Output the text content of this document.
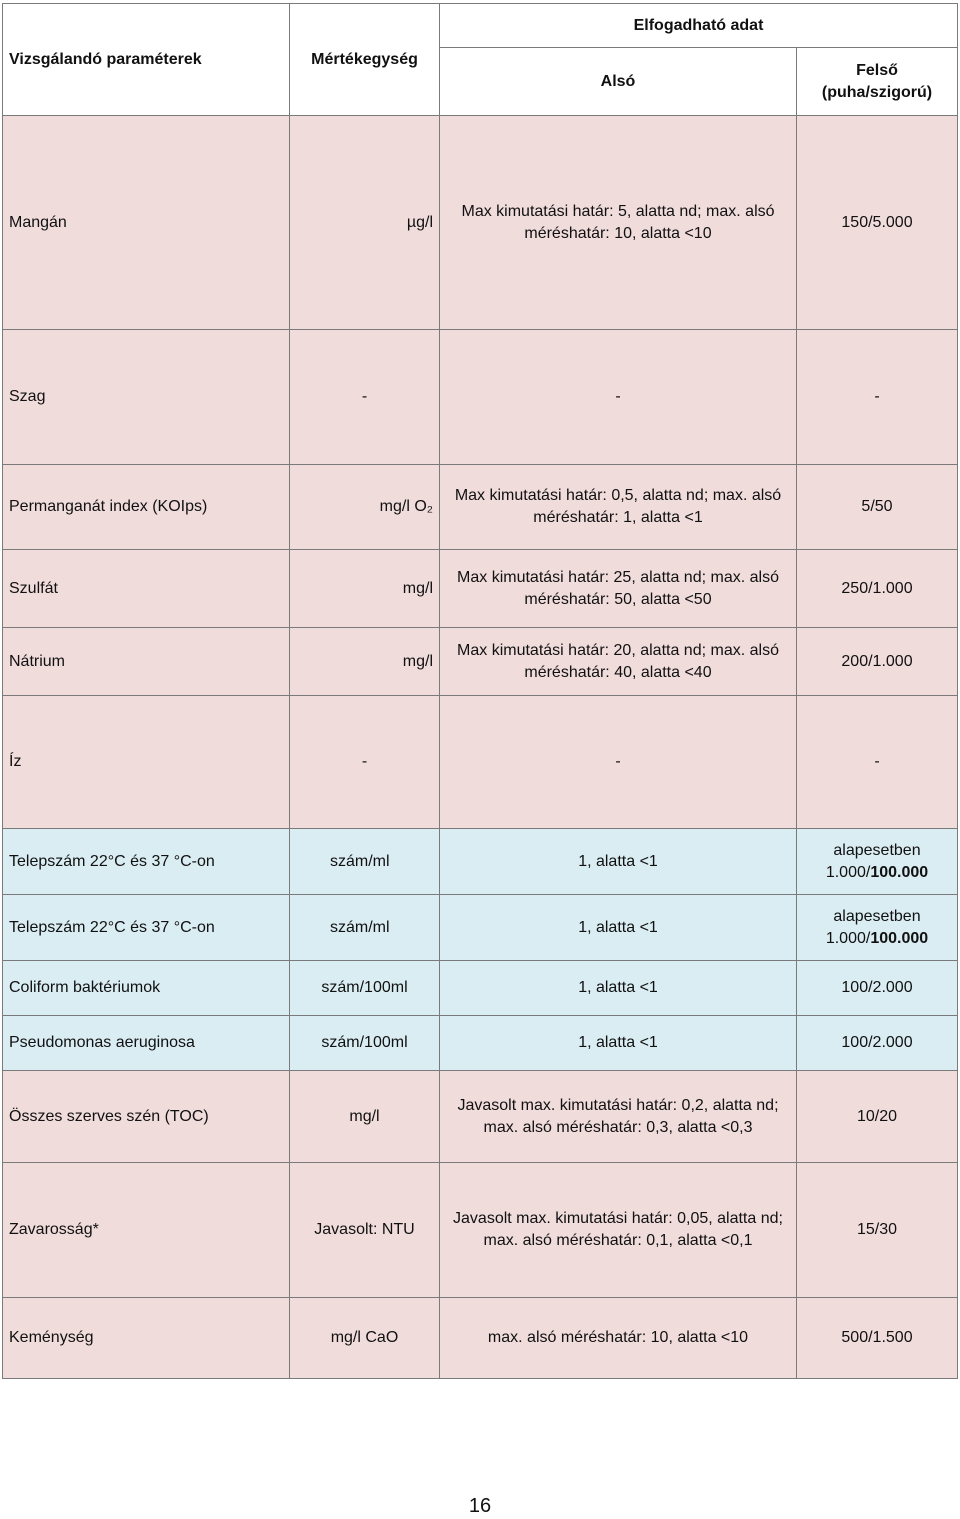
Vizsgálandó paraméterek	Mértékegység	Elfogadható adat	
		Alsó	Felső (puha/szigorú)
Mangán	µg/l	Max kimutatási határ: 5, alatta nd; max. alsó méréshatár: 10, alatta <10	150/5.000
Szag	-	-	-
Permanganát index (KOIps)	mg/l O₂	Max kimutatási határ: 0,5, alatta nd; max. alsó méréshatár: 1, alatta <1	5/50
Szulfát	mg/l	Max kimutatási határ: 25, alatta nd; max. alsó méréshatár: 50, alatta <50	250/1.000
Nátrium	mg/l	Max kimutatási határ: 20, alatta nd; max. alsó méréshatár: 40, alatta <40	200/1.000
Íz	-	-	-
Telepszám 22°C és 37 °C-on	szám/ml	1, alatta <1	alapesetben
1.000/100.000
Telepszám 22°C és 37 °C-on	szám/ml	1, alatta <1	alapesetben
1.000/100.000
Coliform baktériumok	szám/100ml	1, alatta <1	100/2.000
Pseudomonas aeruginosa	szám/100ml	1, alatta <1	100/2.000
Összes szerves szén (TOC)	mg/l	Javasolt max. kimutatási határ: 0,2, alatta nd; max. alsó méréshatár: 0,3, alatta <0,3	10/20
Zavarosság*	Javasolt: NTU	Javasolt max. kimutatási határ: 0,05, alatta nd; max. alsó méréshatár: 0,1, alatta <0,1	15/30
Keménység	mg/l CaO	max. alsó méréshatár: 10, alatta <10	500/1.500
16
